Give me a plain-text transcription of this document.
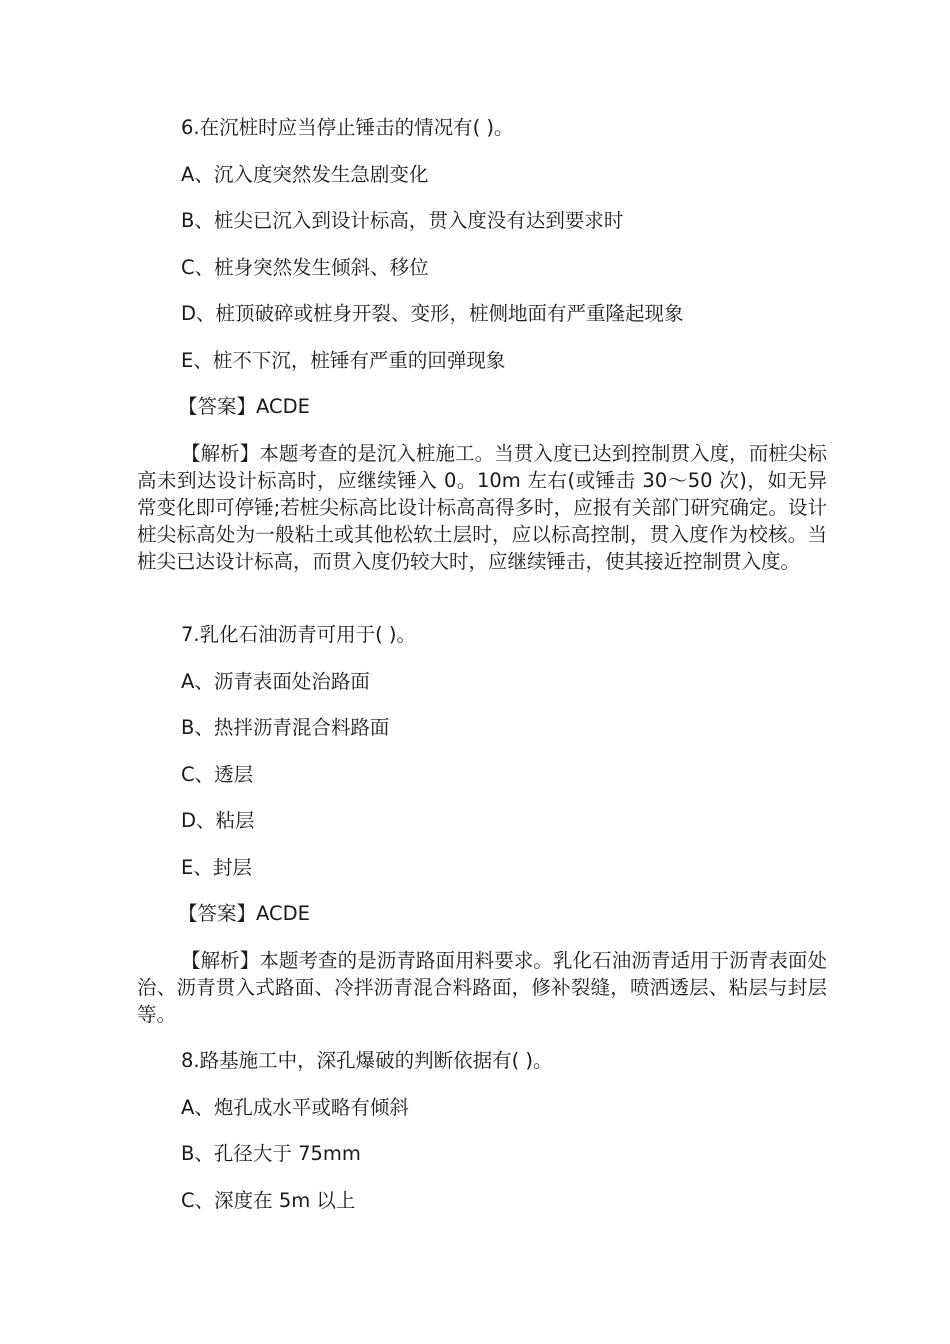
6.在沉桩时应当停止锤击的情况有( )。
A、沉入度突然发生急剧变化
B、桩尖已沉入到设计标高，贯入度没有达到要求时
C、桩身突然发生倾斜、移位
D、桩顶破碎或桩身开裂、变形，桩侧地面有严重隆起现象
E、桩不下沉，桩锤有严重的回弹现象
【答案】ACDE
【解析】本题考查的是沉入桩施工。当贯入度已达到控制贯入度，而桩尖标高未到达设计标高时，应继续锤入 0。10m 左右(或锤击 30～50 次)，如无异常变化即可停锤;若桩尖标高比设计标高高得多时，应报有关部门研究确定。设计桩尖标高处为一般粘土或其他松软土层时，应以标高控制，贯入度作为校核。当桩尖已达设计标高，而贯入度仍较大时，应继续锤击，使其接近控制贯入度。
7.乳化石油沥青可用于( )。
A、沥青表面处治路面
B、热拌沥青混合料路面
C、透层
D、粘层
E、封层
【答案】ACDE
【解析】本题考查的是沥青路面用料要求。乳化石油沥青适用于沥青表面处治、沥青贯入式路面、冷拌沥青混合料路面，修补裂缝，喷洒透层、粘层与封层等。
8.路基施工中，深孔爆破的判断依据有( )。
A、炮孔成水平或略有倾斜
B、孔径大于 75mm
C、深度在 5m 以上
